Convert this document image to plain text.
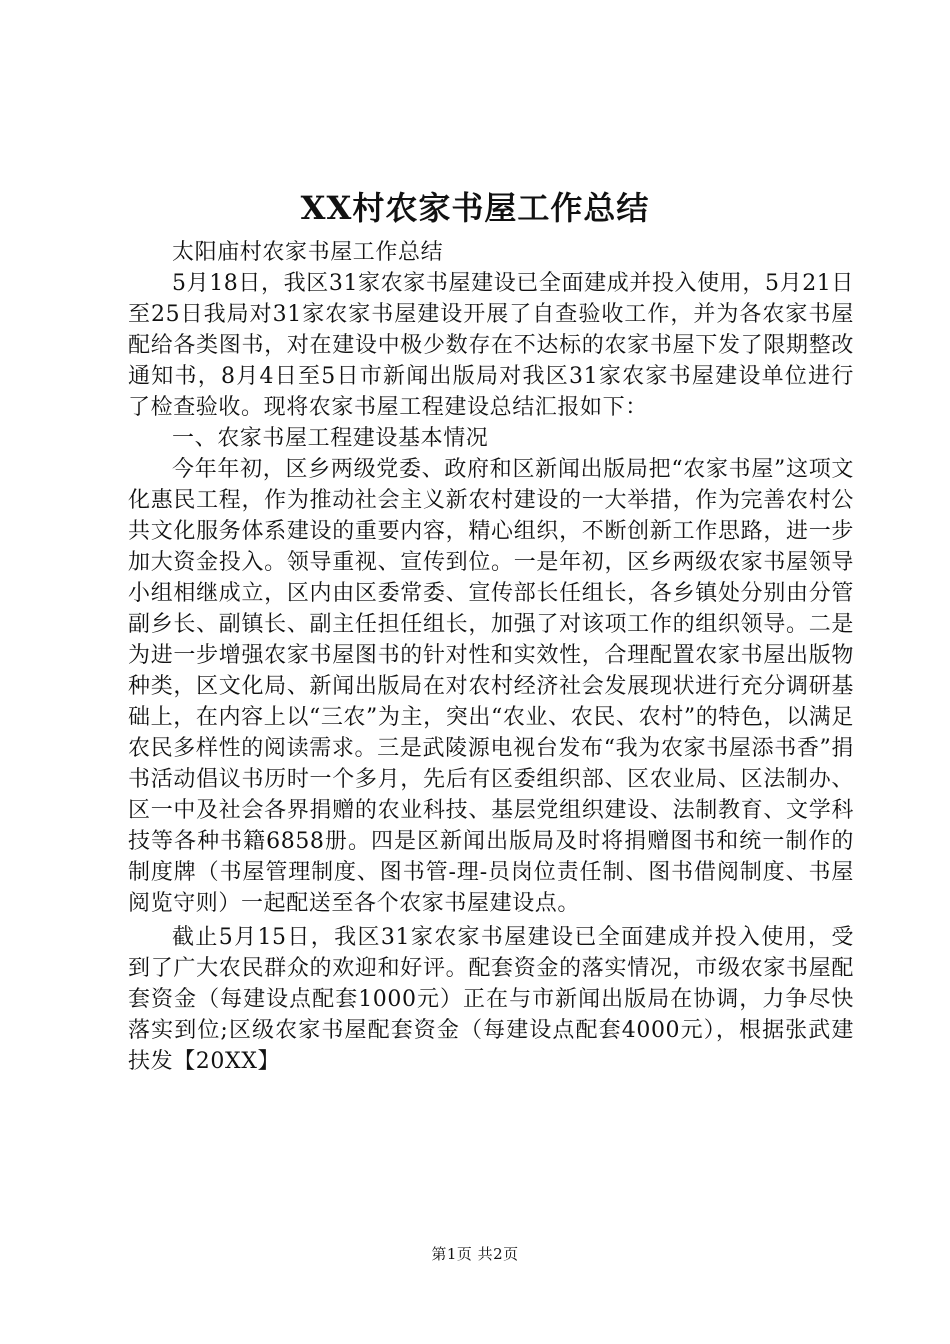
XX村农家书屋工作总结

太阳庙村农家书屋工作总结

5月18日，我区31家农家书屋建设已全面建成并投入使用，5月21日至25日我局对31家农家书屋建设开展了自查验收工作，并为各农家书屋配给各类图书，对在建设中极少数存在不达标的农家书屋下发了限期整改通知书，8月4日至5日市新闻出版局对我区31家农家书屋建设单位进行了检查验收。现将农家书屋工程建设总结汇报如下：

一、农家书屋工程建设基本情况

今年年初，区乡两级党委、政府和区新闻出版局把“农家书屋”这项文化惠民工程，作为推动社会主义新农村建设的一大举措，作为完善农村公共文化服务体系建设的重要内容，精心组织，不断创新工作思路，进一步加大资金投入。领导重视、宣传到位。一是年初，区乡两级农家书屋领导小组相继成立，区内由区委常委、宣传部长任组长，各乡镇处分别由分管副乡长、副镇长、副主任担任组长，加强了对该项工作的组织领导。二是为进一步增强农家书屋图书的针对性和实效性，合理配置农家书屋出版物种类，区文化局、新闻出版局在对农村经济社会发展现状进行充分调研基础上，在内容上以“三农”为主，突出“农业、农民、农村”的特色，以满足农民多样性的阅读需求。三是武陵源电视台发布“我为农家书屋添书香”捐书活动倡议书历时一个多月，先后有区委组织部、区农业局、区法制办、区一中及社会各界捐赠的农业科技、基层党组织建设、法制教育、文学科技等各种书籍6858册。四是区新闻出版局及时将捐赠图书和统一制作的制度牌（书屋管理制度、图书管-理-员岗位责任制、图书借阅制度、书屋阅览守则）一起配送至各个农家书屋建设点。

截止5月15日，我区31家农家书屋建设已全面建成并投入使用，受到了广大农民群众的欢迎和好评。配套资金的落实情况，市级农家书屋配套资金（每建设点配套1000元）正在与市新闻出版局在协调，力争尽快落实到位;区级农家书屋配套资金（每建设点配套4000元），根据张武建扶发【20XX】

第1页 共2页
